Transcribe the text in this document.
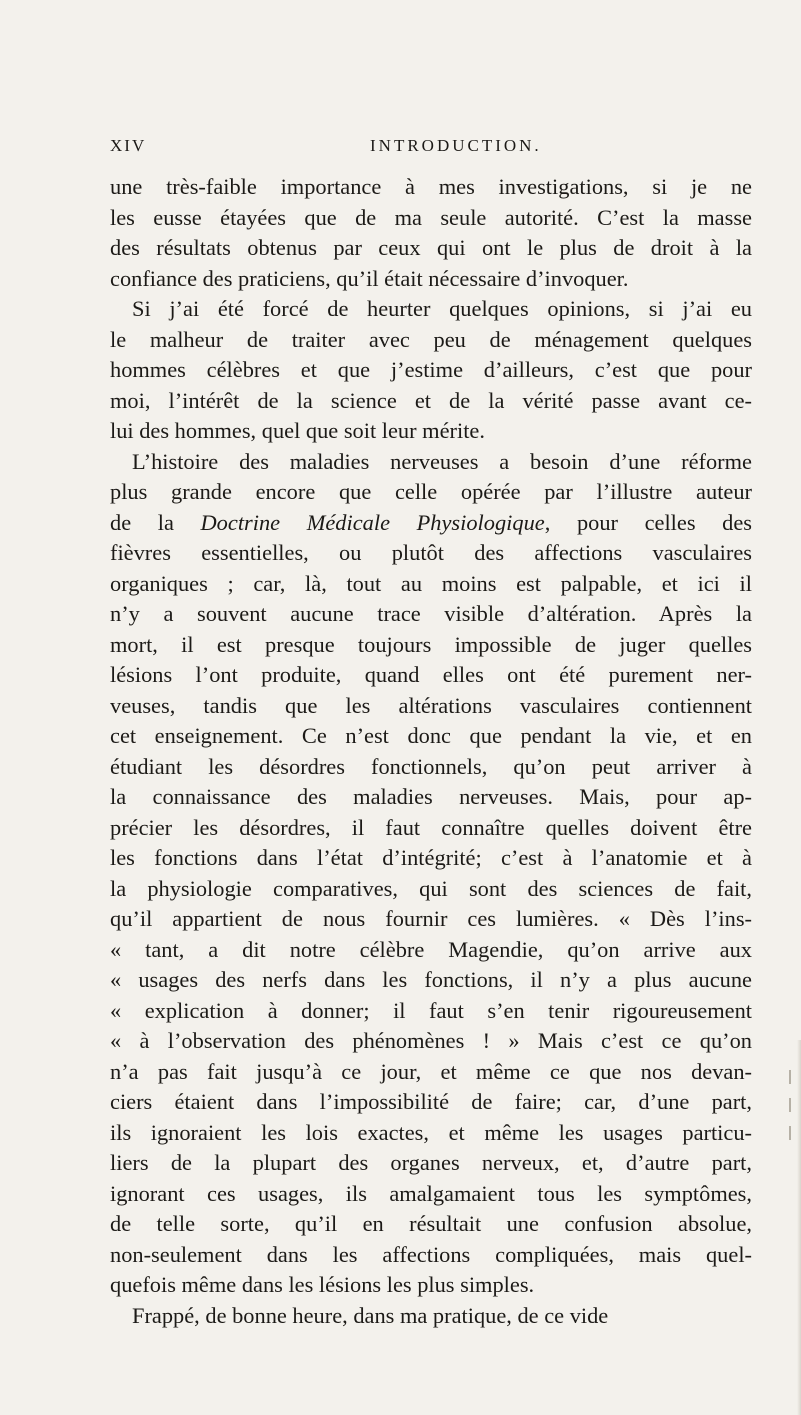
XIV	INTRODUCTION.
une très-faible importance à mes investigations, si je ne
les eusse étayées que de ma seule autorité. C’est la masse
des résultats obtenus par ceux qui ont le plus de droit à la
confiance des praticiens, qu’il était nécessaire d’invoquer.
Si j’ai été forcé de heurter quelques opinions, si j’ai eu
le malheur de traiter avec peu de ménagement quelques
hommes célèbres et que j’estime d’ailleurs, c’est que pour
moi, l’intérêt de la science et de la vérité passe avant ce-
lui des hommes, quel que soit leur mérite.
L’histoire des maladies nerveuses a besoin d’une réforme
plus grande encore que celle opérée par l’illustre auteur
de la Doctrine Médicale Physiologique, pour celles des
fièvres essentielles, ou plutôt des affections vasculaires
organiques ; car, là, tout au moins est palpable, et ici il
n’y a souvent aucune trace visible d’altération. Après la
mort, il est presque toujours impossible de juger quelles
lésions l’ont produite, quand elles ont été purement ner-
veuses, tandis que les altérations vasculaires contiennent
cet enseignement. Ce n’est donc que pendant la vie, et en
étudiant les désordres fonctionnels, qu’on peut arriver à
la connaissance des maladies nerveuses. Mais, pour ap-
précier les désordres, il faut connaître quelles doivent être
les fonctions dans l’état d’intégrité; c’est à l’anatomie et à
la physiologie comparatives, qui sont des sciences de fait,
qu’il appartient de nous fournir ces lumières. « Dès l’ins-
« tant, a dit notre célèbre Magendie, qu’on arrive aux
« usages des nerfs dans les fonctions, il n’y a plus aucune
« explication à donner; il faut s’en tenir rigoureusement
« à l’observation des phénomènes ! » Mais c’est ce qu’on
n’a pas fait jusqu’à ce jour, et même ce que nos devan-
ciers étaient dans l’impossibilité de faire; car, d’une part,
ils ignoraient les lois exactes, et même les usages particu-
liers de la plupart des organes nerveux, et, d’autre part,
ignorant ces usages, ils amalgamaient tous les symptômes,
de telle sorte, qu’il en résultait une confusion absolue,
non-seulement dans les affections compliquées, mais quel-
quefois même dans les lésions les plus simples.
Frappé, de bonne heure, dans ma pratique, de ce vide
